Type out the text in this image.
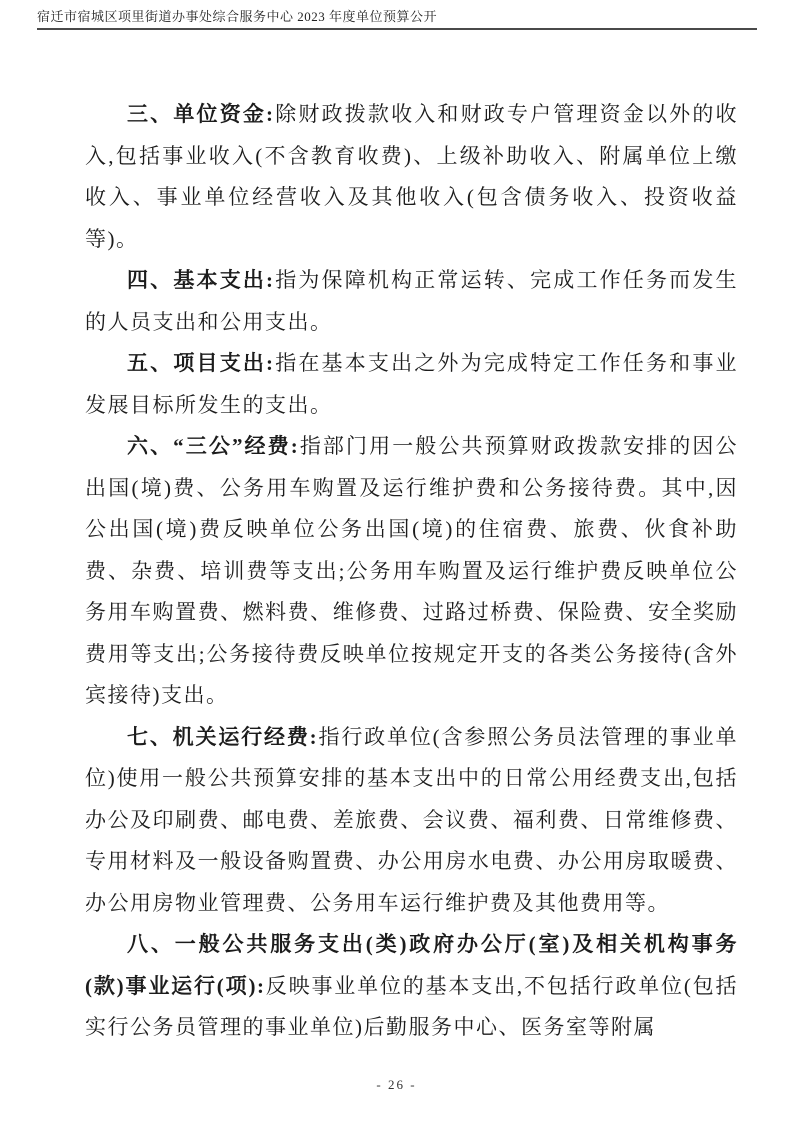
宿迁市宿城区项里街道办事处综合服务中心 2023 年度单位预算公开

三、单位资金:除财政拨款收入和财政专户管理资金以外的收入,包括事业收入(不含教育收费)、上级补助收入、附属单位上缴收入、事业单位经营收入及其他收入(包含债务收入、投资收益等)。

四、基本支出:指为保障机构正常运转、完成工作任务而发生的人员支出和公用支出。

五、项目支出:指在基本支出之外为完成特定工作任务和事业发展目标所发生的支出。

六、“三公”经费:指部门用一般公共预算财政拨款安排的因公出国(境)费、公务用车购置及运行维护费和公务接待费。其中,因公出国(境)费反映单位公务出国(境)的住宿费、旅费、伙食补助费、杂费、培训费等支出;公务用车购置及运行维护费反映单位公务用车购置费、燃料费、维修费、过路过桥费、保险费、安全奖励费用等支出;公务接待费反映单位按规定开支的各类公务接待(含外宾接待)支出。

七、机关运行经费:指行政单位(含参照公务员法管理的事业单位)使用一般公共预算安排的基本支出中的日常公用经费支出,包括办公及印刷费、邮电费、差旅费、会议费、福利费、日常维修费、专用材料及一般设备购置费、办公用房水电费、办公用房取暖费、办公用房物业管理费、公务用车运行维护费及其他费用等。

八、一般公共服务支出(类)政府办公厅(室)及相关机构事务(款)事业运行(项):反映事业单位的基本支出,不包括行政单位(包括实行公务员管理的事业单位)后勤服务中心、医务室等附属

- 26 -
